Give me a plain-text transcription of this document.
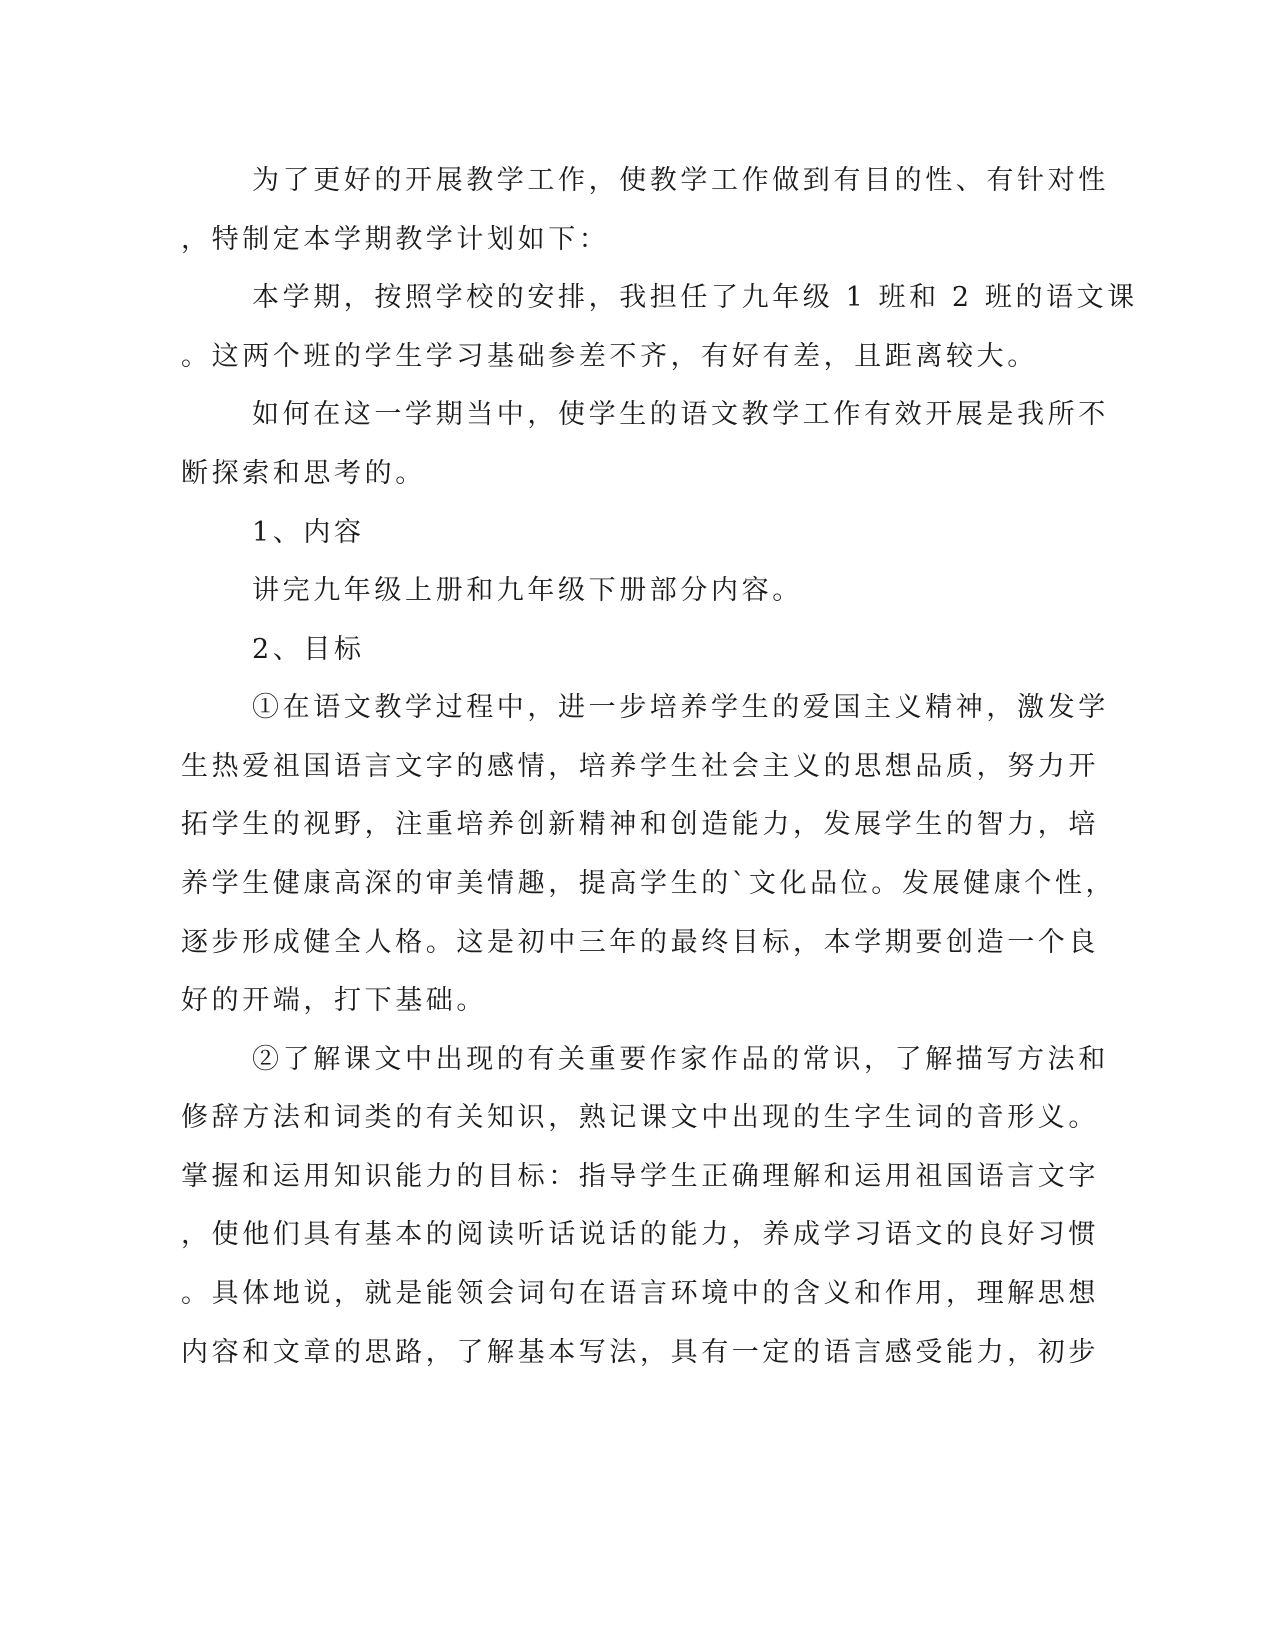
为了更好的开展教学工作，使教学工作做到有目的性、有针对性
，特制定本学期教学计划如下：
本学期，按照学校的安排，我担任了九年级 1 班和 2 班的语文课
。这两个班的学生学习基础参差不齐，有好有差，且距离较大。
如何在这一学期当中，使学生的语文教学工作有效开展是我所不
断探索和思考的。
1、内容
讲完九年级上册和九年级下册部分内容。
2、目标
①在语文教学过程中，进一步培养学生的爱国主义精神，激发学
生热爱祖国语言文字的感情，培养学生社会主义的思想品质，努力开
拓学生的视野，注重培养创新精神和创造能力，发展学生的智力，培
养学生健康高深的审美情趣，提高学生的`文化品位。发展健康个性，
逐步形成健全人格。这是初中三年的最终目标，本学期要创造一个良
好的开端，打下基础。
②了解课文中出现的有关重要作家作品的常识，了解描写方法和
修辞方法和词类的有关知识，熟记课文中出现的生字生词的音形义。
掌握和运用知识能力的目标：指导学生正确理解和运用祖国语言文字
，使他们具有基本的阅读听话说话的能力，养成学习语文的良好习惯
。具体地说，就是能领会词句在语言环境中的含义和作用，理解思想
内容和文章的思路，了解基本写法，具有一定的语言感受能力，初步
